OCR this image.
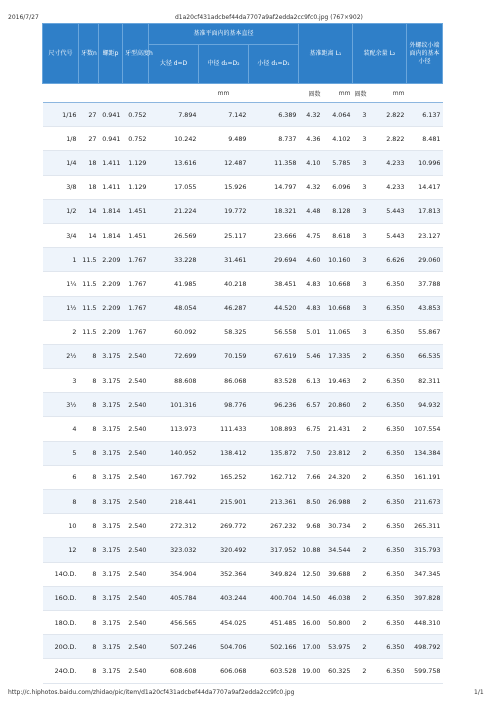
2016/7/27	d1a20cf431adcbef44da7707a9af2edda2cc9fc0.jpg (767×902)
尺寸代号	牙数n	螺距p	牙型高度h	基准平面内的基本直径			基准距离 L₁		装配余量 L₂		外螺纹小端面内的基本小径
				大径 d=D	中径 d₂=D₂	小径 d₁=D₁					
				mm			圈数	mm	圈数	mm	
1/16	27	0.941	0.752	7.894	7.142	6.389	4.32	4.064	3	2.822	6.137
1/8	27	0.941	0.752	10.242	9.489	8.737	4.36	4.102	3	2.822	8.481
1/4	18	1.411	1.129	13.616	12.487	11.358	4.10	5.785	3	4.233	10.996
3/8	18	1.411	1.129	17.055	15.926	14.797	4.32	6.096	3	4.233	14.417
1/2	14	1.814	1.451	21.224	19.772	18.321	4.48	8.128	3	5.443	17.813
3/4	14	1.814	1.451	26.569	25.117	23.666	4.75	8.618	3	5.443	23.127
1	11.5	2.209	1.767	33.228	31.461	29.694	4.60	10.160	3	6.626	29.060
1¼	11.5	2.209	1.767	41.985	40.218	38.451	4.83	10.668	3	6.350	37.788
1½	11.5	2.209	1.767	48.054	46.287	44.520	4.83	10.668	3	6.350	43.853
2	11.5	2.209	1.767	60.092	58.325	56.558	5.01	11.065	3	6.350	55.867
2½	8	3.175	2.540	72.699	70.159	67.619	5.46	17.335	2	6.350	66.535
3	8	3.175	2.540	88.608	86.068	83.528	6.13	19.463	2	6.350	82.311
3½	8	3.175	2.540	101.316	98.776	96.236	6.57	20.860	2	6.350	94.932
4	8	3.175	2.540	113.973	111.433	108.893	6.75	21.431	2	6.350	107.554
5	8	3.175	2.540	140.952	138.412	135.872	7.50	23.812	2	6.350	134.384
6	8	3.175	2.540	167.792	165.252	162.712	7.66	24.320	2	6.350	161.191
8	8	3.175	2.540	218.441	215.901	213.361	8.50	26.988	2	6.350	211.673
10	8	3.175	2.540	272.312	269.772	267.232	9.68	30.734	2	6.350	265.311
12	8	3.175	2.540	323.032	320.492	317.952	10.88	34.544	2	6.350	315.793
14O.D.	8	3.175	2.540	354.904	352.364	349.824	12.50	39.688	2	6.350	347.345
16O.D.	8	3.175	2.540	405.784	403.244	400.704	14.50	46.038	2	6.350	397.828
18O.D.	8	3.175	2.540	456.565	454.025	451.485	16.00	50.800	2	6.350	448.310
20O.D.	8	3.175	2.540	507.246	504.706	502.166	17.00	53.975	2	6.350	498.792
24O.D.	8	3.175	2.540	608.608	606.068	603.528	19.00	60.325	2	6.350	599.758
http://c.hiphotos.baidu.com/zhidao/pic/item/d1a20cf431adcbef44da7707a9af2edda2cc9fc0.jpg	1/1
